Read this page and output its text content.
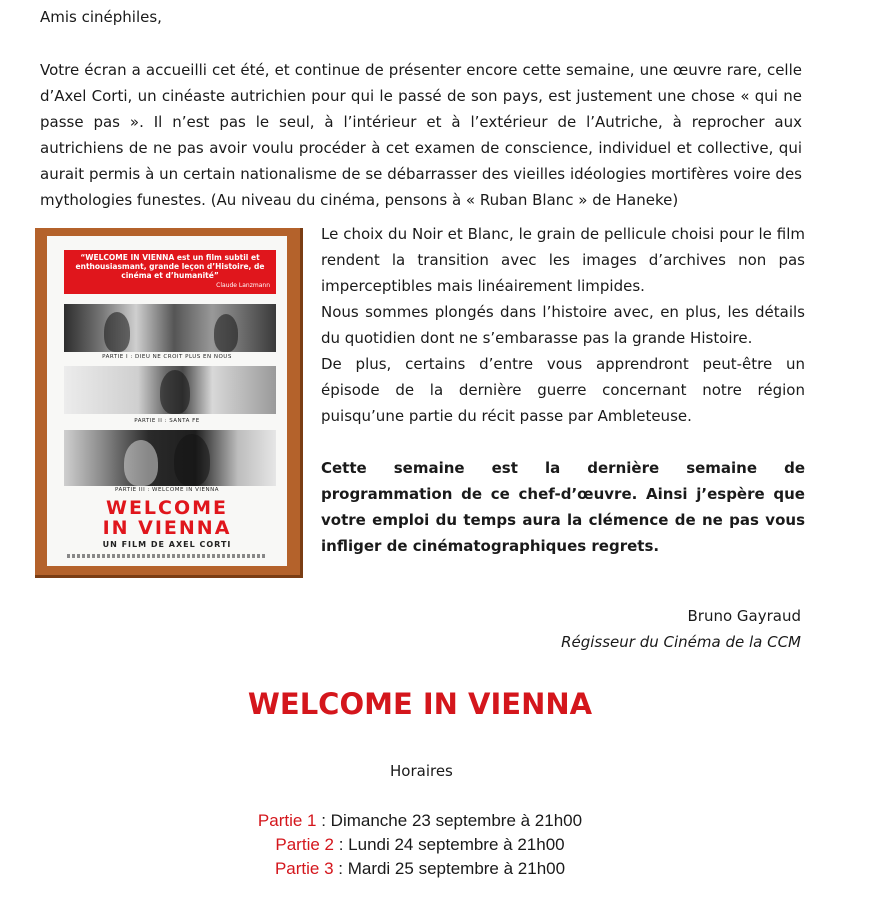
Amis cinéphiles,
Votre écran a accueilli cet été, et continue de présenter encore cette semaine, une œuvre rare, celle d’Axel Corti, un cinéaste autrichien pour qui le passé de son pays, est justement une chose « qui ne passe pas ». Il n’est pas le seul, à l’intérieur et à l’extérieur de l’Autriche, à reprocher aux autrichiens de ne pas avoir voulu procéder à cet examen de conscience, individuel et collective, qui aurait permis à un certain nationalisme de se débarrasser des vieilles idéologies mortifères voire des mythologies funestes. (Au niveau du cinéma, pensons à « Ruban Blanc » de Haneke)
“WELCOME IN VIENNA est un film subtil et enthousiasmant, grande leçon d’Histoire, de cinéma et d’humanité”
Claude Lanzmann
PARTIE I : DIEU NE CROIT PLUS EN NOUS
PARTIE II : SANTA FE
PARTIE III : WELCOME IN VIENNA
WELCOME
IN VIENNA
UN FILM DE AXEL CORTI

Le choix du Noir et Blanc, le grain de pellicule choisi pour le film rendent la transition avec les images d’archives non pas imperceptibles mais linéairement limpides.

Nous sommes plongés dans l’histoire avec, en plus, les détails du quotidien dont ne s’embarasse pas la grande Histoire.

De plus, certains d’entre vous apprendront peut-être un épisode de la dernière guerre concernant notre région puisqu’une partie du récit passe par Ambleteuse.

Cette semaine est la dernière semaine de programmation de ce chef-d’œuvre. Ainsi j’espère que votre emploi du temps aura la clémence de ne pas vous infliger de cinématographiques regrets.

Bruno Gayraud
Régisseur du Cinéma de la CCM
WELCOME IN VIENNA
Horaires
Partie 1 : Dimanche 23 septembre à 21h00
Partie 2 : Lundi 24 septembre à 21h00
Partie 3 : Mardi 25 septembre à 21h00
